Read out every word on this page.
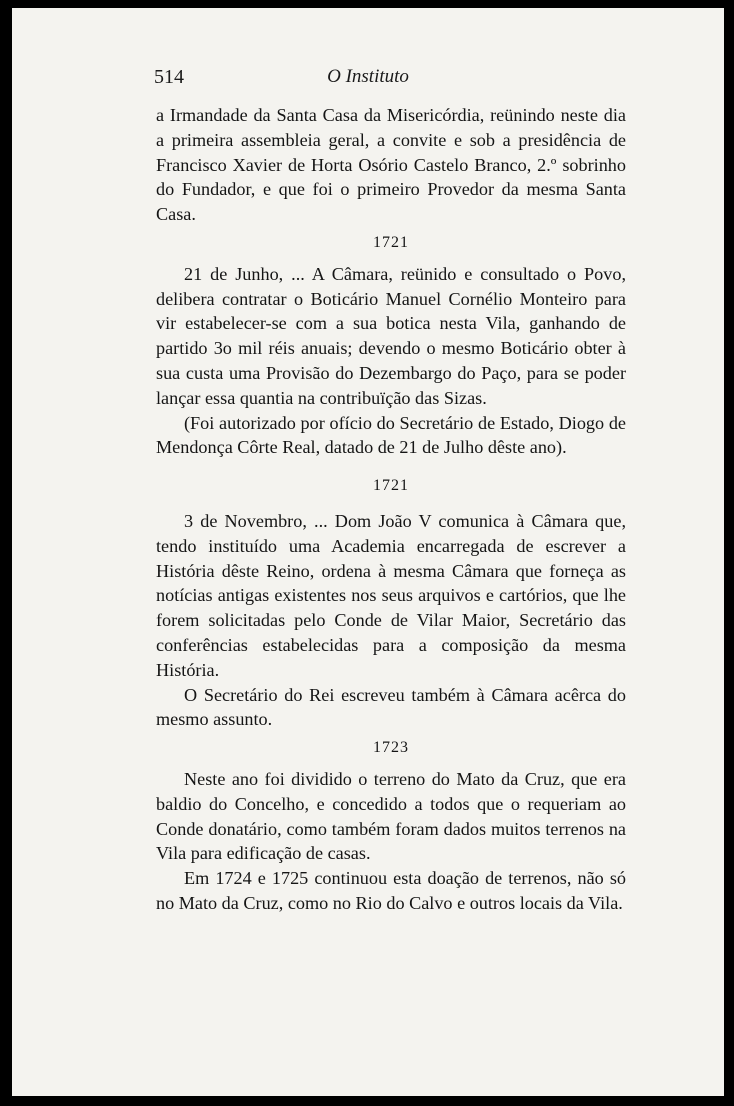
514	O Instituto

a Irmandade da Santa Casa da Misericórdia, reünindo neste dia a primeira assembleia geral, a convite e sob a presidência de Francisco Xavier de Horta Osório Castelo Branco, 2.º sobrinho do Fundador, e que foi o primeiro Provedor da mesma Santa Casa.

1721

21 de Junho, ... A Câmara, reünido e consultado o Povo, delibera contratar o Boticário Manuel Cornélio Monteiro para vir estabelecer-se com a sua botica nesta Vila, ganhando de partido 3o mil réis anuais; devendo o mesmo Boticário obter à sua custa uma Provisão do Dezembargo do Paço, para se poder lançar essa quantia na contribuïção das Sizas.

(Foi autorizado por ofício do Secretário de Estado, Diogo de Mendonça Côrte Real, datado de 21 de Julho dêste ano).

1721

3 de Novembro, ... Dom João V comunica à Câmara que, tendo instituído uma Academia encarregada de escrever a História dêste Reino, ordena à mesma Câmara que forneça as notícias antigas existentes nos seus arquivos e cartórios, que lhe forem solicitadas pelo Conde de Vilar Maior, Secretário das conferências estabelecidas para a composição da mesma História.

O Secretário do Rei escreveu também à Câmara acêrca do mesmo assunto.

1723

Neste ano foi dividido o terreno do Mato da Cruz, que era baldio do Concelho, e concedido a todos que o requeriam ao Conde donatário, como também foram dados muitos terrenos na Vila para edificação de casas.

Em 1724 e 1725 continuou esta doação de terrenos, não só no Mato da Cruz, como no Rio do Calvo e outros locais da Vila.
